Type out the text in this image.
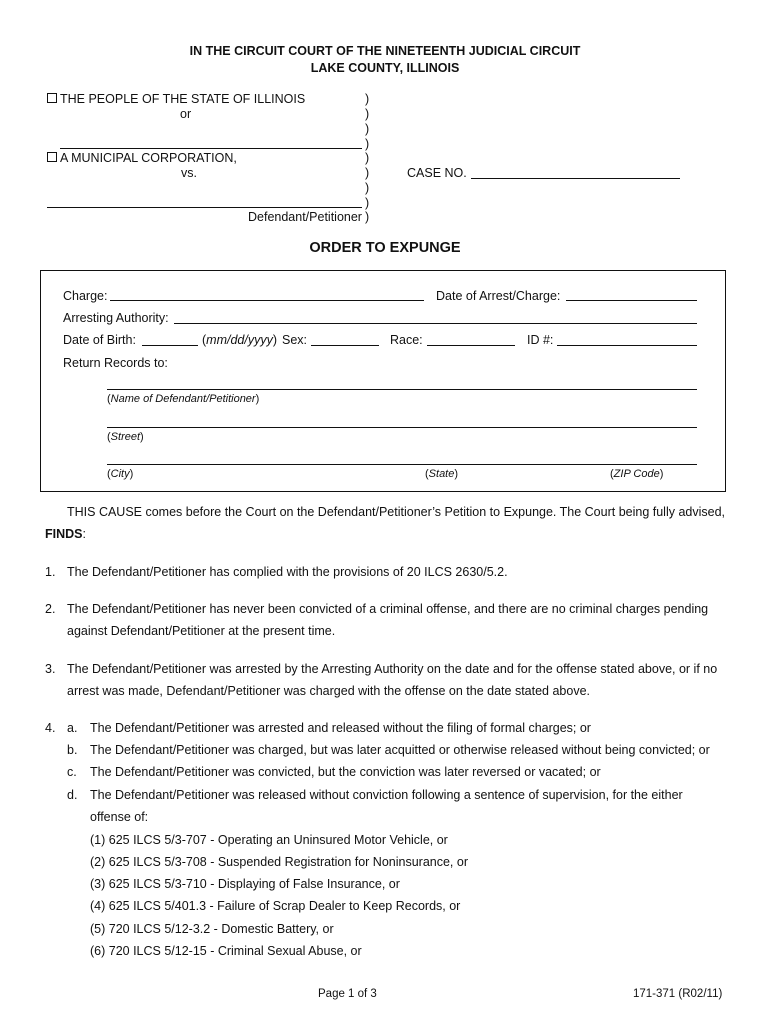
IN THE CIRCUIT COURT OF THE NINETEENTH JUDICIAL CIRCUIT
LAKE COUNTY, ILLINOIS
THE PEOPLE OF THE STATE OF ILLINOIS
or
A MUNICIPAL CORPORATION,
vs.
Defendant/Petitioner
)
)
)
)
)
)
)
)
)
CASE NO.
ORDER TO EXPUNGE
Charge:	Date of Arrest/Charge:
Arresting Authority:
Date of Birth:	(mm/dd/yyyy) Sex:	Race:	ID #:
Return Records to:
(Name of Defendant/Petitioner)
(Street)
(City)	(State)	(ZIP Code)
THIS CAUSE comes before the Court on the Defendant/Petitioner’s Petition to Expunge. The Court being fully advised,
FINDS:
1. The Defendant/Petitioner has complied with the provisions of 20 ILCS 2630/5.2.
2. The Defendant/Petitioner has never been convicted of a criminal offense, and there are no criminal charges pending
against Defendant/Petitioner at the present time.
3. The Defendant/Petitioner was arrested by the Arresting Authority on the date and for the offense stated above, or if no
arrest was made, Defendant/Petitioner was charged with the offense on the date stated above.
4. a. The Defendant/Petitioner was arrested and released without the filing of formal charges; or
b. The Defendant/Petitioner was charged, but was later acquitted or otherwise released without being convicted; or
c. The Defendant/Petitioner was convicted, but the conviction was later reversed or vacated; or
d. The Defendant/Petitioner was released without conviction following a sentence of supervision, for the either
offense of:
(1) 625 ILCS 5/3-707 - Operating an Uninsured Motor Vehicle, or
(2) 625 ILCS 5/3-708 - Suspended Registration for Noninsurance, or
(3) 625 ILCS 5/3-710 - Displaying of False Insurance, or
(4) 625 ILCS 5/401.3 - Failure of Scrap Dealer to Keep Records, or
(5) 720 ILCS 5/12-3.2 - Domestic Battery, or
(6) 720 ILCS 5/12-15 - Criminal Sexual Abuse, or
Page 1 of 3	171-371 (R02/11)
